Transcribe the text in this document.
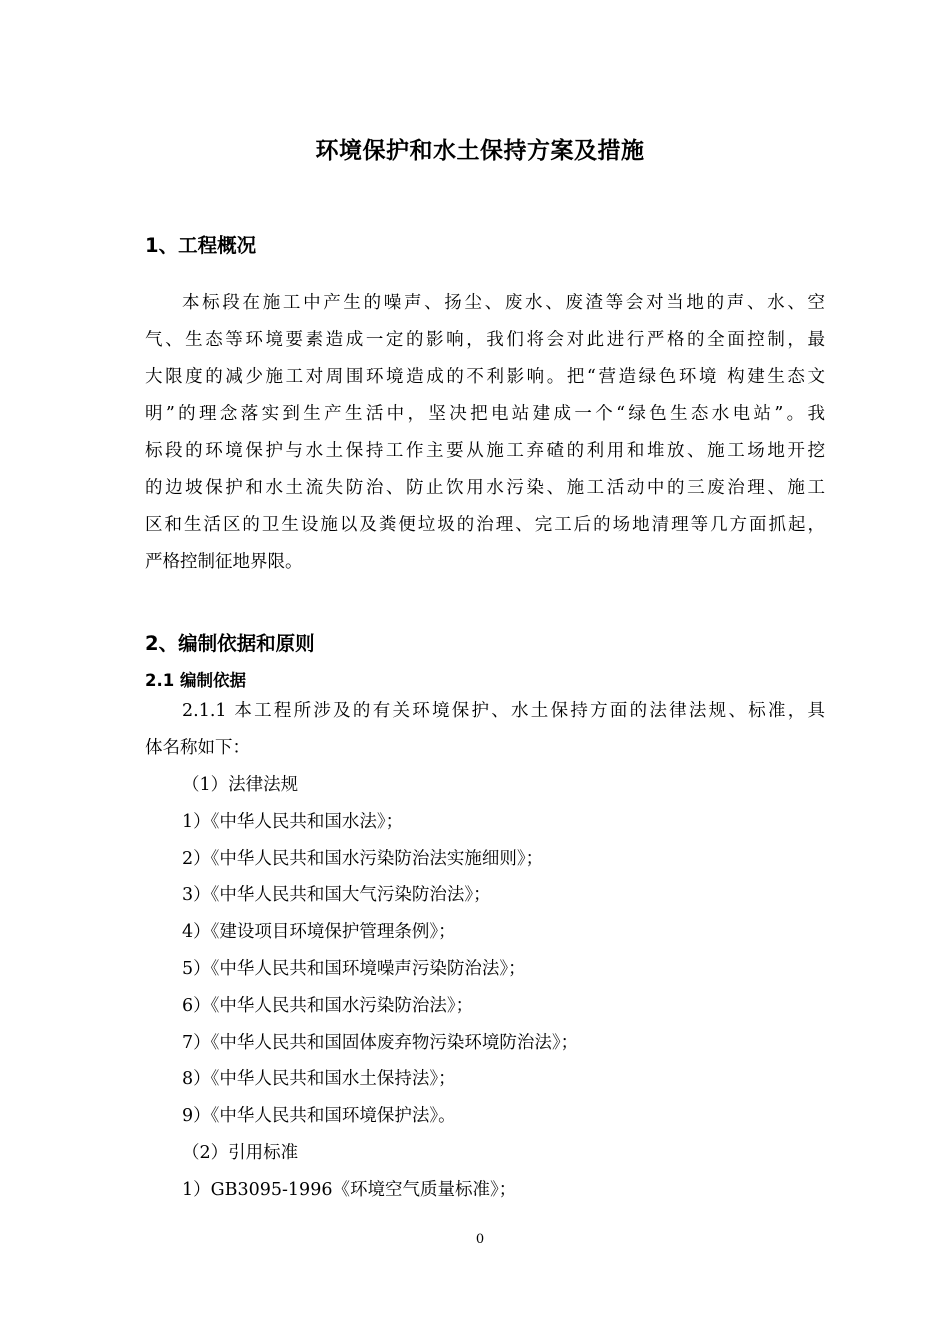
环境保护和水土保持方案及措施
1、工程概况
本标段在施工中产生的噪声、扬尘、废水、废渣等会对当地的声、水、空
气、生态等环境要素造成一定的影响，我们将会对此进行严格的全面控制，最
大限度的减少施工对周围环境造成的不利影响。把“营造绿色环境 构建生态文
明”的理念落实到生产生活中，坚决把电站建成一个“绿色生态水电站”。我
标段的环境保护与水土保持工作主要从施工弃碴的利用和堆放、施工场地开挖
的边坡保护和水土流失防治、防止饮用水污染、施工活动中的三废治理、施工
区和生活区的卫生设施以及粪便垃圾的治理、完工后的场地清理等几方面抓起，
严格控制征地界限。
2、编制依据和原则
2.1 编制依据
2.1.1 本工程所涉及的有关环境保护、水土保持方面的法律法规、标准，具
体名称如下：
（1）法律法规
1）《中华人民共和国水法》；
2）《中华人民共和国水污染防治法实施细则》；
3）《中华人民共和国大气污染防治法》；
4）《建设项目环境保护管理条例》；
5）《中华人民共和国环境噪声污染防治法》；
6）《中华人民共和国水污染防治法》；
7）《中华人民共和国固体废弃物污染环境防治法》；
8）《中华人民共和国水土保持法》；
9）《中华人民共和国环境保护法》。
（2）引用标准
1）GB3095-1996《环境空气质量标准》；
0
